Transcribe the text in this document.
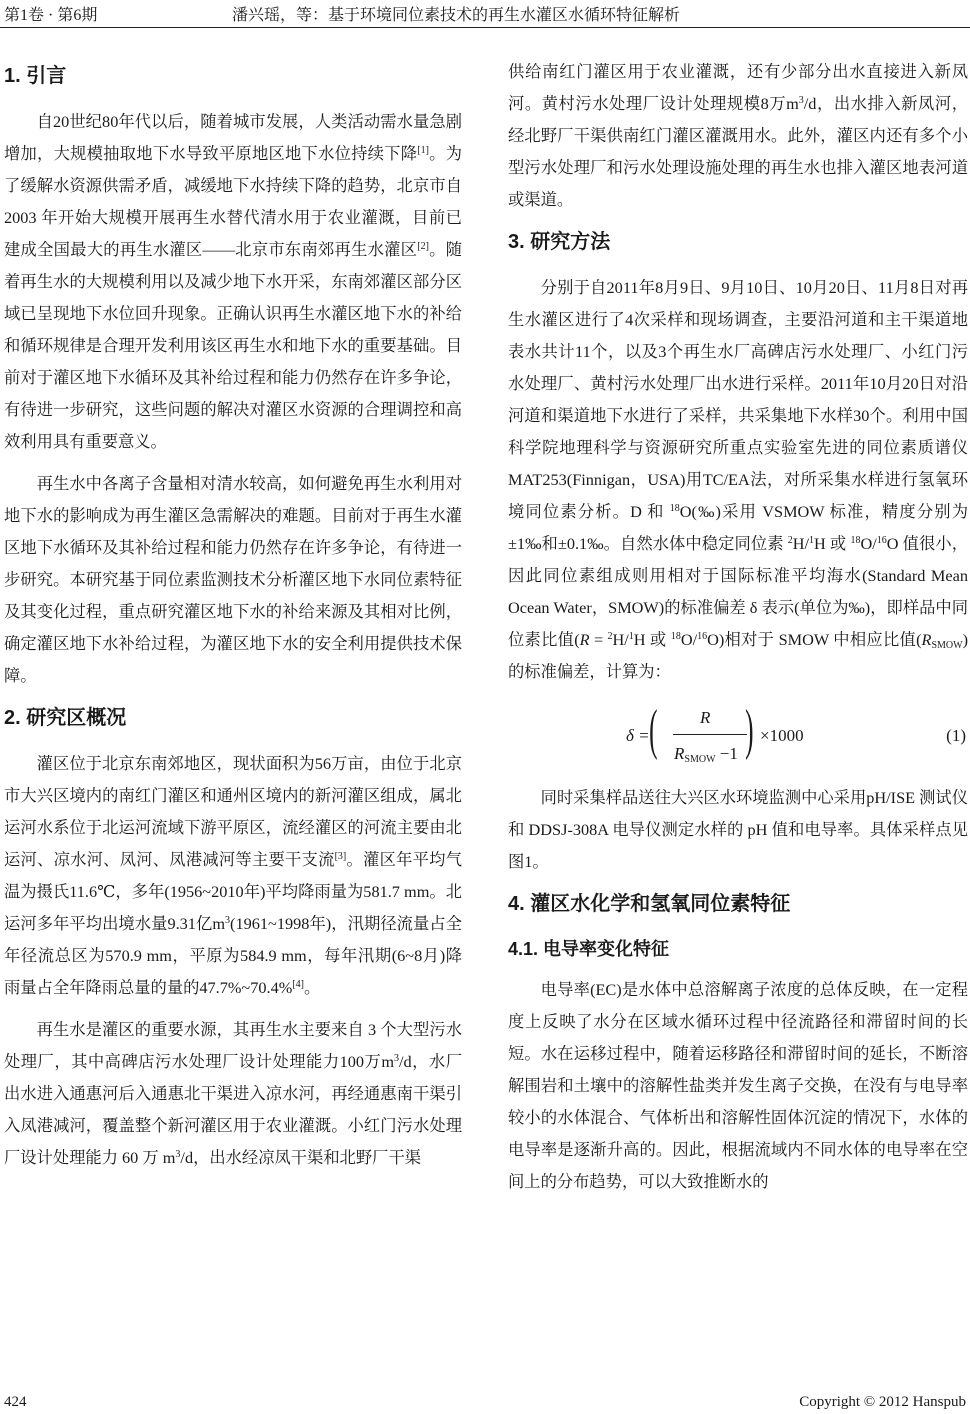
第1卷 · 第6期	潘兴瑶，等：基于环境同位素技术的再生水灌区水循环特征解析
1. 引言

自20世纪80年代以后，随着城市发展，人类活动需水量急剧增加，大规模抽取地下水导致平原地区地下水位持续下降[1]。为了缓解水资源供需矛盾，减缓地下水持续下降的趋势，北京市自 2003 年开始大规模开展再生水替代清水用于农业灌溉，目前已建成全国最大的再生水灌区——北京市东南郊再生水灌区[2]。随着再生水的大规模利用以及减少地下水开采，东南郊灌区部分区域已呈现地下水位回升现象。正确认识再生水灌区地下水的补给和循环规律是合理开发利用该区再生水和地下水的重要基础。目前对于灌区地下水循环及其补给过程和能力仍然存在许多争论，有待进一步研究，这些问题的解决对灌区水资源的合理调控和高效利用具有重要意义。

再生水中各离子含量相对清水较高，如何避免再生水利用对地下水的影响成为再生灌区急需解决的难题。目前对于再生水灌区地下水循环及其补给过程和能力仍然存在许多争论，有待进一步研究。本研究基于同位素监测技术分析灌区地下水同位素特征及其变化过程，重点研究灌区地下水的补给来源及其相对比例，确定灌区地下水补给过程，为灌区地下水的安全利用提供技术保障。

2. 研究区概况

灌区位于北京东南郊地区，现状面积为56万亩，由位于北京市大兴区境内的南红门灌区和通州区境内的新河灌区组成，属北运河水系位于北运河流域下游平原区，流经灌区的河流主要由北运河、凉水河、凤河、凤港减河等主要干支流[3]。灌区年平均气温为摄氏11.6℃，多年(1956~2010年)平均降雨量为581.7 mm。北运河多年平均出境水量9.31亿$m^3(1961\sim 1998$年)，汛期径流量占全年径流总区为570.9 mm，平原为584.9 mm，每年汛期(6~8月)降雨量占全年降雨总量的量的47.7%~70.4%[4]。

再生水是灌区的重要水源，其再生水主要来自 3 个大型污水处理厂，其中高碑店污水处理厂设计处理能力100万$m^3/d$，水厂出水进入通惠河后入通惠北干渠进入凉水河，再经通惠南干渠引入凤港减河，覆盖整个新河灌区用于农业灌溉。小红门污水处理厂设计处理能力 60 万 $m^3/d$，出水经凉凤干渠和北野厂干渠

供给南红门灌区用于农业灌溉，还有少部分出水直接进入新凤河。黄村污水处理厂设计处理规模8万$m^3/d$，出水排入新凤河，经北野厂干渠供南红门灌区灌溉用水。此外，灌区内还有多个小型污水处理厂和污水处理设施处理的再生水也排入灌区地表河道或渠道。

3. 研究方法

分别于自2011年8月9日、9月10日、10月20日、11月8日对再生水灌区进行了4次采样和现场调查，主要沿河道和主干渠道地表水共计11个，以及3个再生水厂高碑店污水处理厂、小红门污水处理厂、黄村污水处理厂出水进行采样。2011年10月20日对沿河道和渠道地下水进行了采样，共采集地下水样30个。利用中国科学院地理科学与资源研究所重点实验室先进的同位素质谱仪 MAT253(Finnigan，USA)用TC/EA法，对所采集水样进行氢氧环境同位素分析。D 和 $^{18}$O(‰)采用 VSMOW 标准，精度分别为±1‰和±0.1‰。自然水体中稳定同位素 $^2$H/$^1$H 或 $^{18}$O/$^{16}$O 值很小，因此同位素组成则用相对于国际标准平均海水(Standard Mean Ocean Water，SMOW)的标准偏差 δ 表示(单位为‰)，即样品中同位素比值(R = $^2$H/$^1$H 或 $^{18}$O/$^{16}$O)相对于 SMOW 中相应比值$(R_{SMOW})$的标准偏差，计算为：

δ =
R
×1000	(1)
( )
$R_{SMOW} -1$

同时采集样品送往大兴区水环境监测中心采用pH/ISE 测试仪和 DDSJ-308A 电导仪测定水样的 pH 值和电导率。具体采样点见图1。

4. 灌区水化学和氢氧同位素特征
4.1. 电导率变化特征

电导率(EC)是水体中总溶解离子浓度的总体反映，在一定程度上反映了水分在区域水循环过程中径流路径和滞留时间的长短。水在运移过程中，随着运移路径和滞留时间的延长，不断溶解围岩和土壤中的溶解性盐类并发生离子交换，在没有与电导率较小的水体混合、气体析出和溶解性固体沉淀的情况下，水体的电导率是逐渐升高的。因此，根据流域内不同水体的电导率在空间上的分布趋势，可以大致推断水的

424	Copyright © 2012 Hanspub
